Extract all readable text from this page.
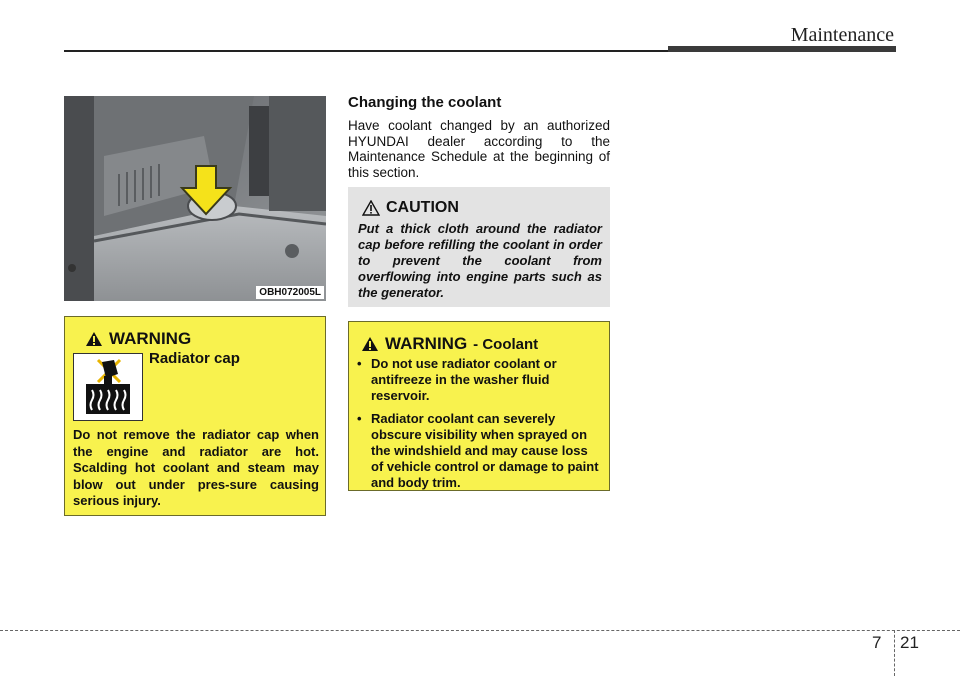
Maintenance
OBH072005L
WARNING
Radiator cap
Do not remove the radiator cap when the engine and radiator are hot. Scalding hot coolant and steam may blow out under pres-sure causing serious injury.
Changing the coolant
Have coolant changed by an authorized HYUNDAI dealer according to the Maintenance Schedule at the beginning of this section.
CAUTION
Put a thick cloth around the radiator cap before refilling the coolant in order to prevent the coolant from overflowing into engine parts such as the generator.
WARNING - Coolant
• Do not use radiator coolant or antifreeze in the washer fluid reservoir.
• Radiator coolant can severely obscure visibility when sprayed on the windshield and may cause loss of vehicle control or damage to paint and body trim.
7 21
